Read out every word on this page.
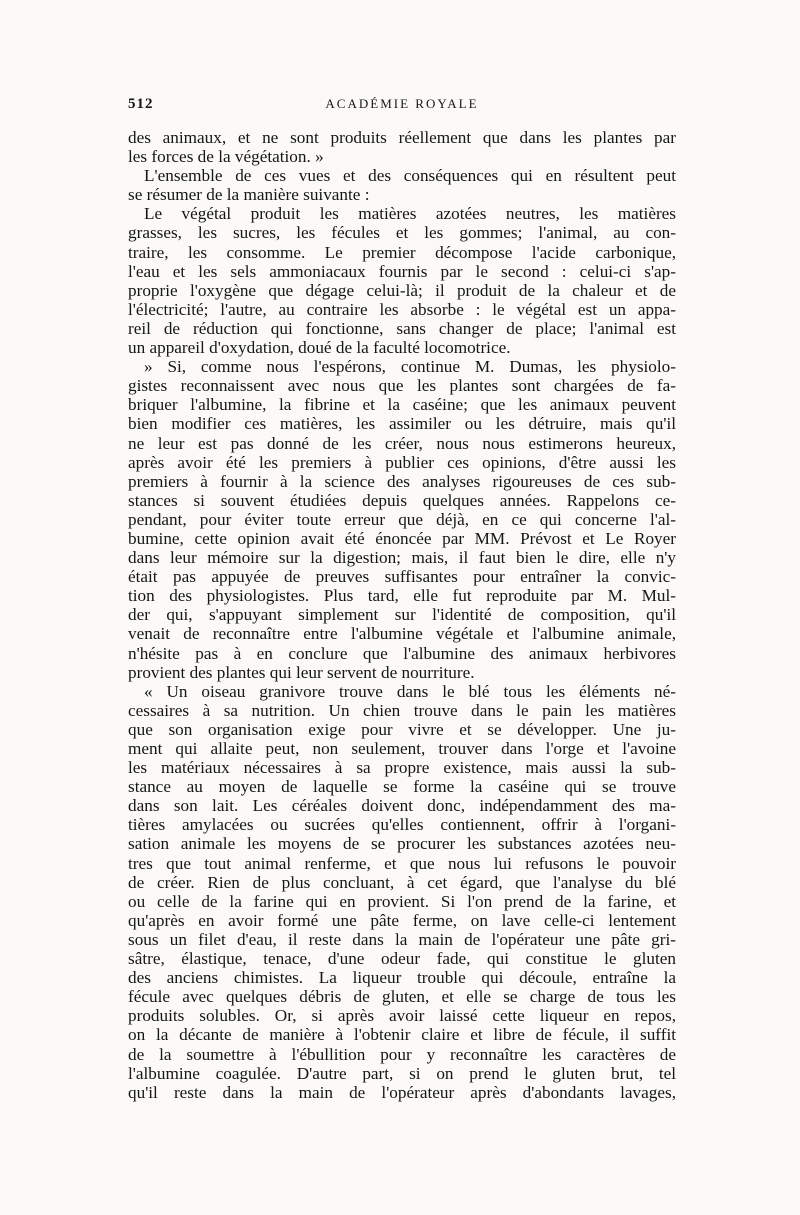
512	ACADÉMIE ROYALE
des animaux, et ne sont produits réellement que dans les plantes par
les forces de la végétation. »
L'ensemble de ces vues et des conséquences qui en résultent peut
se résumer de la manière suivante :
Le végétal produit les matières azotées neutres, les matières
grasses, les sucres, les fécules et les gommes; l'animal, au con-
traire, les consomme. Le premier décompose l'acide carbonique,
l'eau et les sels ammoniacaux fournis par le second : celui-ci s'ap-
proprie l'oxygène que dégage celui-là; il produit de la chaleur et de
l'électricité; l'autre, au contraire les absorbe : le végétal est un appa-
reil de réduction qui fonctionne, sans changer de place; l'animal est
un appareil d'oxydation, doué de la faculté locomotrice.
» Si, comme nous l'espérons, continue M. Dumas, les physiolo-
gistes reconnaissent avec nous que les plantes sont chargées de fa-
briquer l'albumine, la fibrine et la caséine; que les animaux peuvent
bien modifier ces matières, les assimiler ou les détruire, mais qu'il
ne leur est pas donné de les créer, nous nous estimerons heureux,
après avoir été les premiers à publier ces opinions, d'être aussi les
premiers à fournir à la science des analyses rigoureuses de ces sub-
stances si souvent étudiées depuis quelques années. Rappelons ce-
pendant, pour éviter toute erreur que déjà, en ce qui concerne l'al-
bumine, cette opinion avait été énoncée par MM. Prévost et Le Royer
dans leur mémoire sur la digestion; mais, il faut bien le dire, elle n'y
était pas appuyée de preuves suffisantes pour entraîner la convic-
tion des physiologistes. Plus tard, elle fut reproduite par M. Mul-
der qui, s'appuyant simplement sur l'identité de composition, qu'il
venait de reconnaître entre l'albumine végétale et l'albumine animale,
n'hésite pas à en conclure que l'albumine des animaux herbivores
provient des plantes qui leur servent de nourriture.
« Un oiseau granivore trouve dans le blé tous les éléments né-
cessaires à sa nutrition. Un chien trouve dans le pain les matières
que son organisation exige pour vivre et se développer. Une ju-
ment qui allaite peut, non seulement, trouver dans l'orge et l'avoine
les matériaux nécessaires à sa propre existence, mais aussi la sub-
stance au moyen de laquelle se forme la caséine qui se trouve
dans son lait. Les céréales doivent donc, indépendamment des ma-
tières amylacées ou sucrées qu'elles contiennent, offrir à l'organi-
sation animale les moyens de se procurer les substances azotées neu-
tres que tout animal renferme, et que nous lui refusons le pouvoir
de créer. Rien de plus concluant, à cet égard, que l'analyse du blé
ou celle de la farine qui en provient. Si l'on prend de la farine, et
qu'après en avoir formé une pâte ferme, on lave celle-ci lentement
sous un filet d'eau, il reste dans la main de l'opérateur une pâte gri-
sâtre, élastique, tenace, d'une odeur fade, qui constitue le gluten
des anciens chimistes. La liqueur trouble qui découle, entraîne la
fécule avec quelques débris de gluten, et elle se charge de tous les
produits solubles. Or, si après avoir laissé cette liqueur en repos,
on la décante de manière à l'obtenir claire et libre de fécule, il suffit
de la soumettre à l'ébullition pour y reconnaître les caractères de
l'albumine coagulée. D'autre part, si on prend le gluten brut, tel
qu'il reste dans la main de l'opérateur après d'abondants lavages,
